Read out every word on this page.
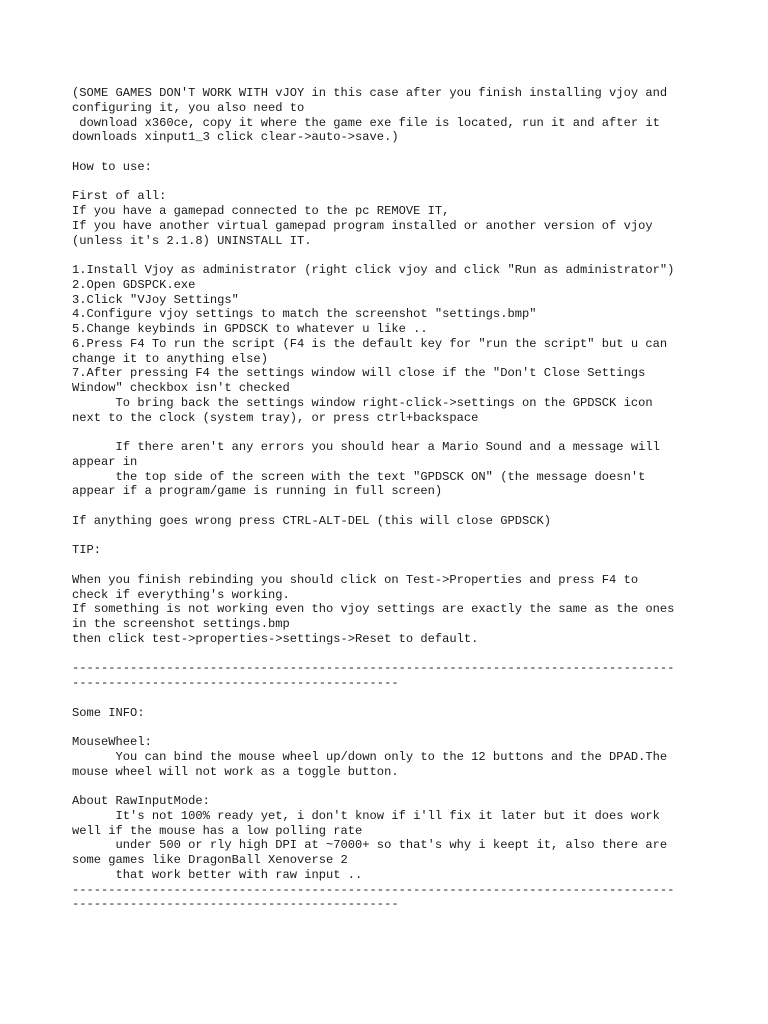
(SOME GAMES DON'T WORK WITH vJOY in this case after you finish installing vjoy and
configuring it, you also need to
download x360ce, copy it where the game exe file is located, run it and after it
downloads xinput1_3 click clear->auto->save.)
How to use:
First of all:
If you have a gamepad connected to the pc REMOVE IT,
If you have another virtual gamepad program installed or another version of vjoy
(unless it's 2.1.8) UNINSTALL IT.
1.Install Vjoy as administrator (right click vjoy and click "Run as administrator")
2.Open GDSPCK.exe
3.Click "VJoy Settings"
4.Configure vjoy settings to match the screenshot "settings.bmp"
5.Change keybinds in GPDSCK to whatever u like ..
6.Press F4 To run the script (F4 is the default key for "run the script" but u can
change it to anything else)
7.After pressing F4 the settings window will close if the "Don't Close Settings
Window" checkbox isn't checked
To bring back the settings window right-click->settings on the GPDSCK icon
next to the clock (system tray), or press ctrl+backspace
If there aren't any errors you should hear a Mario Sound and a message will
appear in
the top side of the screen with the text "GPDSCK ON" (the message doesn't
appear if a program/game is running in full screen)
If anything goes wrong press CTRL-ALT-DEL (this will close GPDSCK)
TIP:
When you finish rebinding you should click on Test->Properties and press F4 to
check if everything's working.
If something is not working even tho vjoy settings are exactly the same as the ones
in the screenshot settings.bmp
then click test->properties->settings->Reset to default.
-----------------------------------------------------------------------------------
---------------------------------------------
Some INFO:
MouseWheel:
You can bind the mouse wheel up/down only to the 12 buttons and the DPAD.The
mouse wheel will not work as a toggle button.
About RawInputMode:
It's not 100% ready yet, i don't know if i'll fix it later but it does work
well if the mouse has a low polling rate
under 500 or rly high DPI at ~7000+ so that's why i keept it, also there are
some games like DragonBall Xenoverse 2
that work better with raw input ..
-----------------------------------------------------------------------------------
---------------------------------------------
